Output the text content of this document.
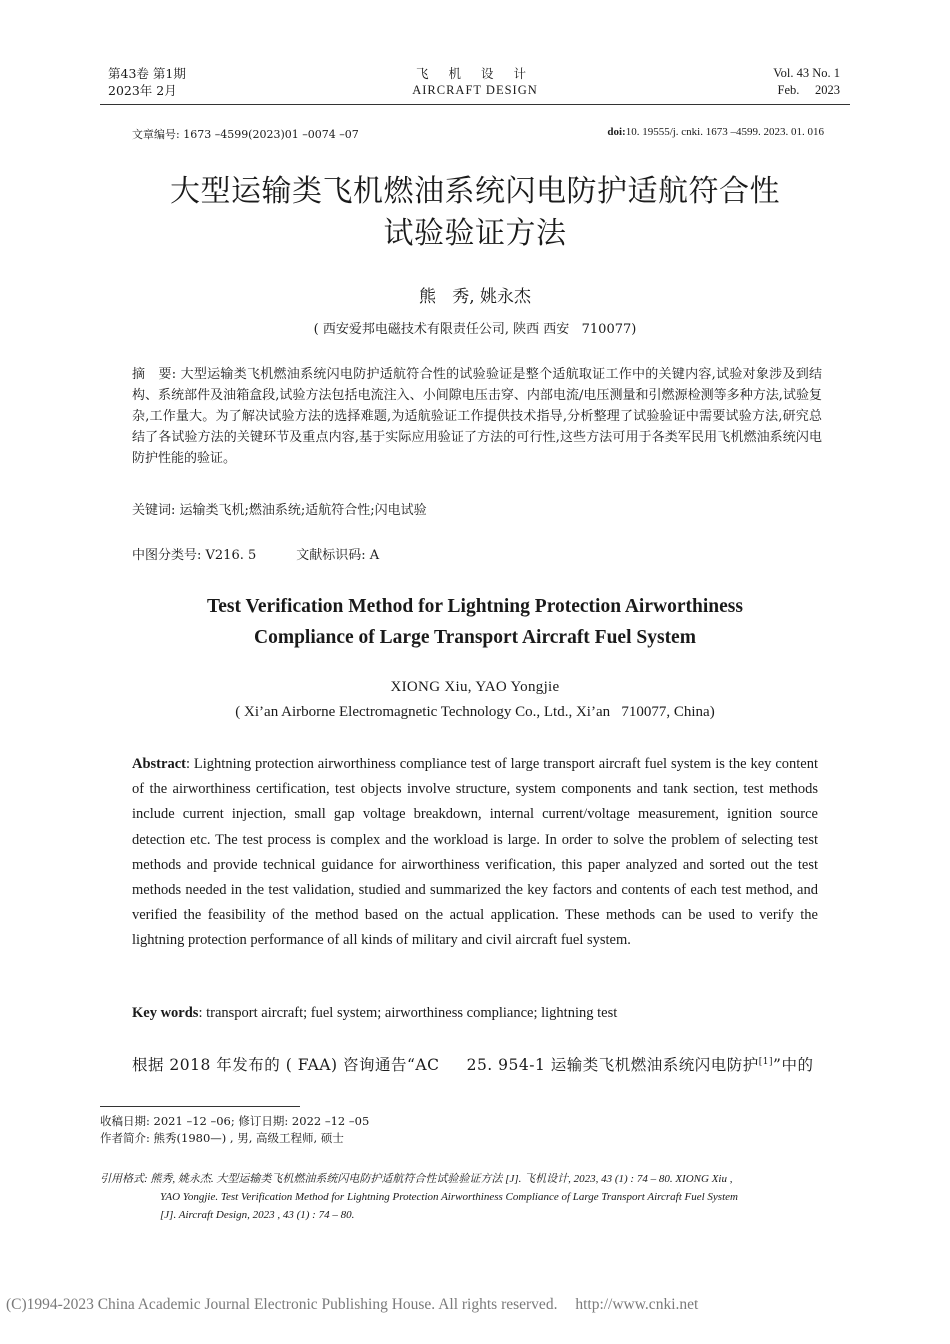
第43卷 第1期
2023年 2月
飞 机 设 计
AIRCRAFT DESIGN
Vol. 43 No. 1
Feb.     2023
文章编号: 1673 –4599(2023)01 –0074 –07	doi:10. 19555/j. cnki. 1673 –4599. 2023. 01. 016
大型运输类飞机燃油系统闪电防护适航符合性
试验验证方法
熊   秀, 姚永杰
( 西安爱邦电磁技术有限责任公司, 陕西 西安   710077)
摘   要: 大型运输类飞机燃油系统闪电防护适航符合性的试验验证是整个适航取证工作中的关键内容,试验对象涉及到结构、系统部件及油箱盒段,试验方法包括电流注入、小间隙电压击穿、内部电流/电压测量和引燃源检测等多种方法,试验复杂,工作量大。为了解决试验方法的选择难题,为适航验证工作提供技术指导,分析整理了试验验证中需要试验方法,研究总结了各试验方法的关键环节及重点内容,基于实际应用验证了方法的可行性,这些方法可用于各类军民用飞机燃油系统闪电防护性能的验证。
关键词: 运输类飞机;燃油系统;适航符合性;闪电试验
中图分类号: V216. 5	文献标识码: A
Test Verification Method for Lightning Protection Airworthiness
Compliance of Large Transport Aircraft Fuel System
XIONG Xiu, YAO Yongjie
( Xi’an Airborne Electromagnetic Technology Co., Ltd., Xi’an   710077, China)
Abstract: Lightning protection airworthiness compliance test of large transport aircraft fuel system is the key content of the airworthiness certification, test objects involve structure, system components and tank section, test methods include current injection, small gap voltage breakdown, internal current/voltage measurement, ignition source detection etc. The test process is complex and the workload is large. In order to solve the problem of selecting test methods and provide technical guidance for airworthiness verification, this paper analyzed and sorted out the test methods needed in the test validation, studied and summarized the key factors and contents of each test method, and verified the feasibility of the method based on the actual application. These methods can be used to verify the lightning protection performance of all kinds of military and civil aircraft fuel system.
Key words: transport aircraft; fuel system; airworthiness compliance; lightning test
根据 2018 年发布的 ( FAA) 咨询通告“AC     25. 954-1 运输类飞机燃油系统闪电防护[1]”中的
收稿日期: 2021 –12 –06; 修订日期: 2022 –12 –05
作者简介: 熊秀(1980—) , 男, 高级工程师, 硕士
引用格式: 熊秀, 姚永杰. 大型运输类飞机燃油系统闪电防护适航符合性试验验证方法 [J]. 飞机设计, 2023, 43 (1) : 74 – 80. XIONG Xiu ,
YAO Yongjie. Test Verification Method for Lightning Protection Airworthiness Compliance of Large Transport Aircraft Fuel System
[J]. Aircraft Design, 2023 , 43 (1) : 74 – 80.
(C)1994-2023 China Academic Journal Electronic Publishing House. All rights reserved. http://www.cnki.net
